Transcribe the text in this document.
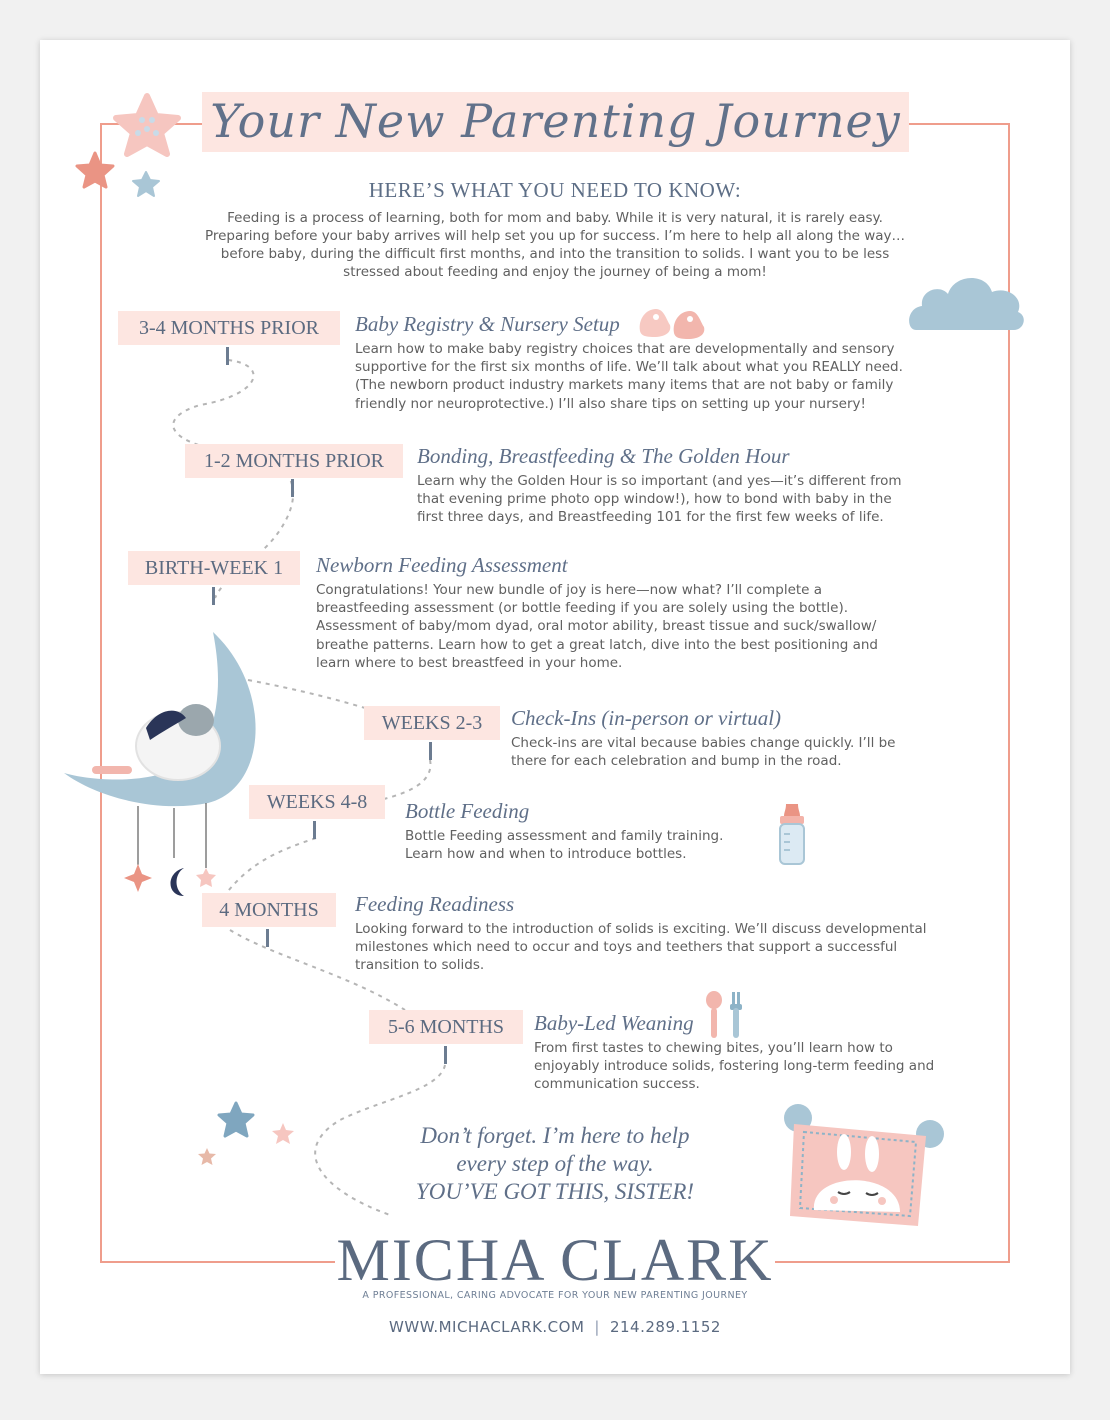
Your New Parenting Journey
HERE’S WHAT YOU NEED TO KNOW:
Feeding is a process of learning, both for mom and baby. While it is very natural, it is rarely easy.
Preparing before your baby arrives will help set you up for success. I’m here to help all along the way…
before baby, during the difficult first months, and into the transition to solids. I want you to be less
stressed about feeding and enjoy the journey of being a mom!
3-4 MONTHS PRIOR	Baby Registry & Nursery Setup
Learn how to make baby registry choices that are developmentally and sensory
supportive for the first six months of life. We’ll talk about what you REALLY need.
(The newborn product industry markets many items that are not baby or family
friendly nor neuroprotective.) I’ll also share tips on setting up your nursery!
1-2 MONTHS PRIOR	Bonding, Breastfeeding & The Golden Hour
Learn why the Golden Hour is so important (and yes—it’s different from
that evening prime photo opp window!), how to bond with baby in the
first three days, and Breastfeeding 101 for the first few weeks of life.
BIRTH-WEEK 1	Newborn Feeding Assessment
Congratulations! Your new bundle of joy is here—now what? I’ll complete a
breastfeeding assessment (or bottle feeding if you are solely using the bottle).
Assessment of baby/mom dyad, oral motor ability, breast tissue and suck/swallow/
breathe patterns. Learn how to get a great latch, dive into the best positioning and
learn where to best breastfeed in your home.
WEEKS 2-3	Check-Ins (in-person or virtual)
Check-ins are vital because babies change quickly. I’ll be
there for each celebration and bump in the road.
WEEKS 4-8	Bottle Feeding
Bottle Feeding assessment and family training.
Learn how and when to introduce bottles.
4 MONTHS	Feeding Readiness
Looking forward to the introduction of solids is exciting. We’ll discuss developmental
milestones which need to occur and toys and teethers that support a successful
transition to solids.
5-6 MONTHS	Baby-Led Weaning
From first tastes to chewing bites, you’ll learn how to
enjoyably introduce solids, fostering long-term feeding and
communication success.
Don’t forget. I’m here to help
every step of the way.
YOU’VE GOT THIS, SISTER!
MICHA CLARK
A PROFESSIONAL, CARING ADVOCATE FOR YOUR NEW PARENTING JOURNEY
WWW.MICHACLARK.COM | 214.289.1152
